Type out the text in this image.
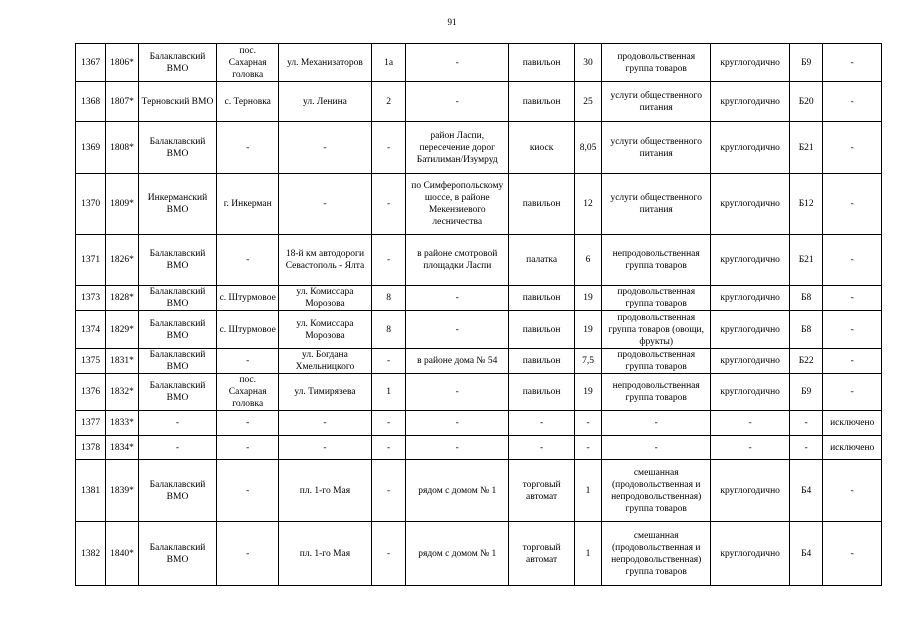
91
1367	1806*	Балаклавский ВМО	пос. Сахарная головка	ул. Механизаторов	1а	-	павильон	30	продовольственная группа товаров	круглогодично	Б9	-
1368	1807*	Терновский ВМО	с. Терновка	ул. Ленина	2	-	павильон	25	услуги общественного питания	круглогодично	Б20	-
1369	1808*	Балаклавский ВМО	-	-	-	район Ласпи, пересечение дорог Батилиман/Изумруд	киоск	8,05	услуги общественного питания	круглогодично	Б21	-
1370	1809*	Инкерманский ВМО	г. Инкерман	-	-	по Симферопольскому шоссе, в районе Мекензиевого лесничества	павильон	12	услуги общественного питания	круглогодично	Б12	-
1371	1826*	Балаклавский ВМО	-	18-й км автодороги Севастополь - Ялта	-	в районе смотровой площадки Ласпи	палатка	6	непродовольственная группа товаров	круглогодично	Б21	-
1373	1828*	Балаклавский ВМО	с. Штурмовое	ул. Комиссара Морозова	8	-	павильон	19	продовольственная группа товаров	круглогодично	Б8	-
1374	1829*	Балаклавский ВМО	с. Штурмовое	ул. Комиссара Морозова	8	-	павильон	19	продовольственная группа товаров (овощи, фрукты)	круглогодично	Б8	-
1375	1831*	Балаклавский ВМО	-	ул. Богдана Хмельницкого	-	в районе дома № 54	павильон	7,5	продовольственная группа товаров	круглогодично	Б22	-
1376	1832*	Балаклавский ВМО	пос. Сахарная головка	ул. Тимирязева	1	-	павильон	19	непродовольственная группа товаров	круглогодично	Б9	-
1377	1833*	-	-	-	-	-	-	-	-	-	-	исключено
1378	1834*	-	-	-	-	-	-	-	-	-	-	исключено
1381	1839*	Балаклавский ВМО	-	пл. 1-го Мая	-	рядом с домом № 1	торговый автомат	1	смешанная (продовольственная и непродовольственная) группа товаров	круглогодично	Б4	-
1382	1840*	Балаклавский ВМО	-	пл. 1-го Мая	-	рядом с домом № 1	торговый автомат	1	смешанная (продовольственная и непродовольственная) группа товаров	круглогодично	Б4	-
